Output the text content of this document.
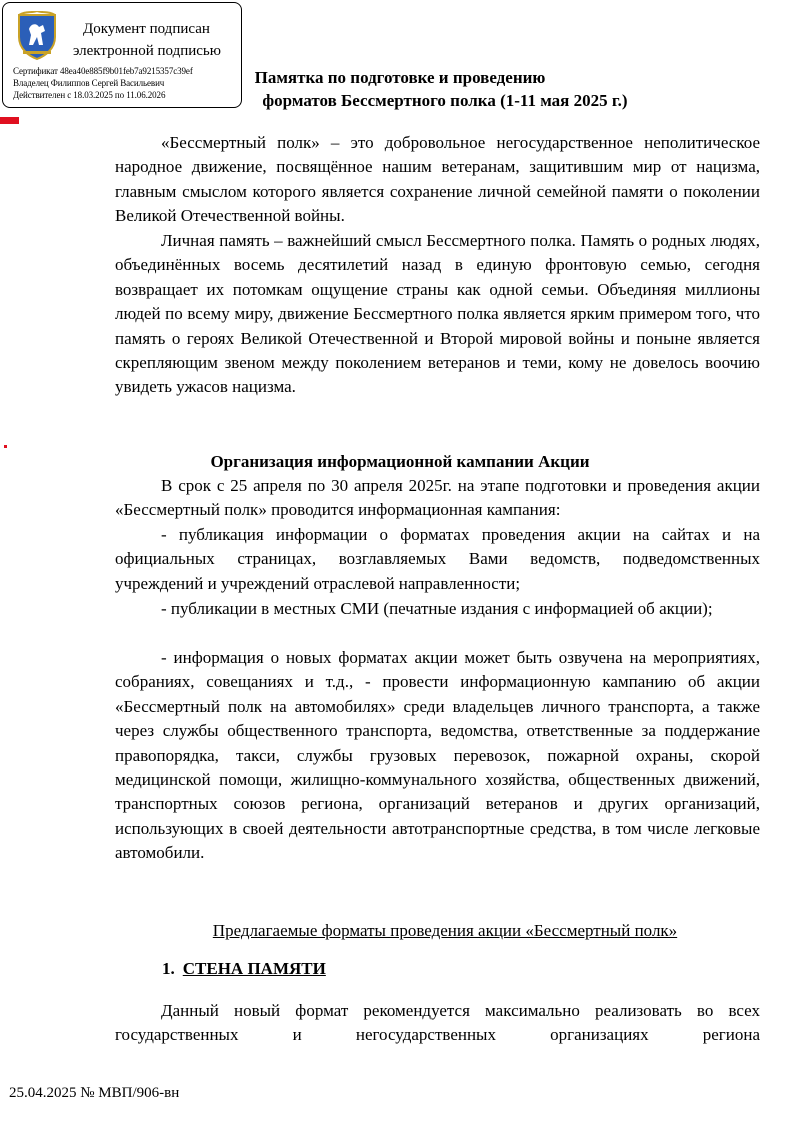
Документ подписан
электронной подписью
Сертификат 48ea40e885f9b01feb7a9215357c39ef
Владелец Филиппов Сергей Васильевич
Действителен с 18.03.2025 по 11.06.2026
Памятка по подготовке и проведению
форматов Бессмертного полка (1-11 мая 2025 г.)

«Бессмертный полк» – это добровольное негосударственное неполитическое народное движение, посвящённое нашим ветеранам, защитившим мир от нацизма, главным смыслом которого является сохранение личной семейной памяти о поколении Великой Отечественной войны.

Личная память – важнейший смысл Бессмертного полка. Память о родных людях, объединённых восемь десятилетий назад в единую фронтовую семью, сегодня возвращает их потомкам ощущение страны как одной семьи. Объединяя миллионы людей по всему миру, движение Бессмертного полка является ярким примером того, что память о героях Великой Отечественной и Второй мировой войны и поныне является скрепляющим звеном между поколением ветеранов и теми, кому не довелось воочию увидеть ужасов нацизма.

Организация информационной кампании Акции

В срок с 25 апреля по 30 апреля 2025г. на этапе подготовки и проведения акции «Бессмертный полк» проводится информационная кампания:

- публикация информации о форматах проведения акции на сайтах и на официальных страницах, возглавляемых Вами ведомств, подведомственных учреждений и учреждений отраслевой направленности;

- публикации в местных СМИ (печатные издания с информацией об акции);

- информация о новых форматах акции может быть озвучена на мероприятиях, собраниях, совещаниях и т.д., - провести информационную кампанию об акции «Бессмертный полк на автомобилях» среди владельцев личного транспорта, а также через службы общественного транспорта, ведомства, ответственные за поддержание правопорядка, такси, службы грузовых перевозок, пожарной охраны, скорой медицинской помощи, жилищно-коммунального хозяйства, общественных движений, транспортных союзов региона, организаций ветеранов и других организаций, использующих в своей деятельности автотранспортные средства, в том числе легковые автомобили.

Предлагаемые форматы проведения акции «Бессмертный полк»
1. СТЕНА ПАМЯТИ

Данный новый формат рекомендуется максимально реализовать во всех государственных и негосударственных организациях региона

25.04.2025 № МВП/906-вн
